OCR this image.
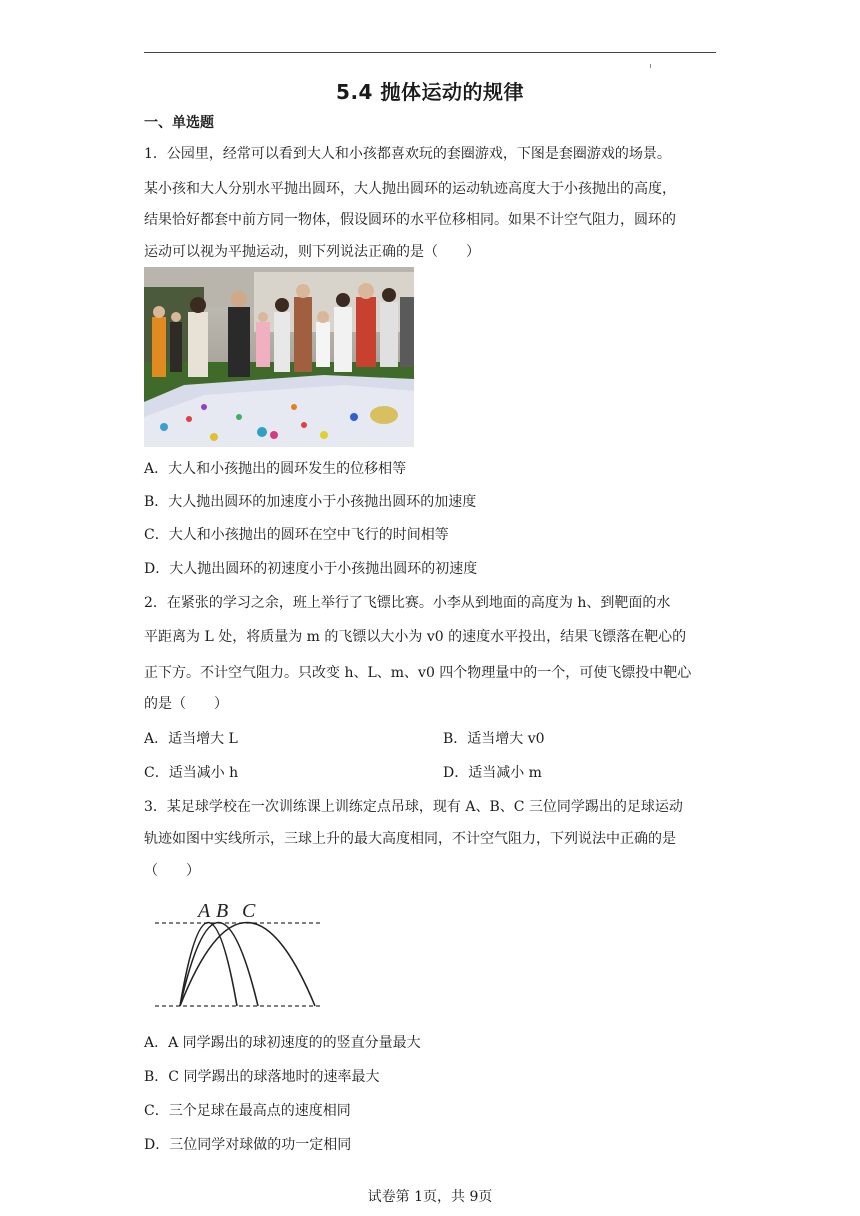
5.4 抛体运动的规律
一、单选题
1．公园里，经常可以看到大人和小孩都喜欢玩的套圈游戏，下图是套圈游戏的场景。
某小孩和大人分别水平抛出圆环，大人抛出圆环的运动轨迹高度大于小孩抛出的高度，
结果恰好都套中前方同一物体，假设圆环的水平位移相同。如果不计空气阻力，圆环的
运动可以视为平抛运动，则下列说法正确的是（　　）
A．大人和小孩抛出的圆环发生的位移相等
B．大人抛出圆环的加速度小于小孩抛出圆环的加速度
C．大人和小孩抛出的圆环在空中飞行的时间相等
D．大人抛出圆环的初速度小于小孩抛出圆环的初速度
2．在紧张的学习之余，班上举行了飞镖比赛。小李从到地面的高度为 h、到靶面的水
平距离为 L 处，将质量为 m 的飞镖以大小为 v0 的速度水平投出，结果飞镖落在靶心的
正下方。不计空气阻力。只改变 h、L、m、v0 四个物理量中的一个，可使飞镖投中靶心
的是（　　）
A．适当增大 L	B．适当增大 v0
C．适当减小 h	D．适当减小 m
3．某足球学校在一次训练课上训练定点吊球，现有 A、B、C 三位同学踢出的足球运动
轨迹如图中实线所示，三球上升的最大高度相同，不计空气阻力，下列说法中正确的是
（　　）
A B C
A．A 同学踢出的球初速度的的竖直分量最大
B．C 同学踢出的球落地时的速率最大
C．三个足球在最高点的速度相同
D．三位同学对球做的功一定相同
试卷第 1页，共 9页
